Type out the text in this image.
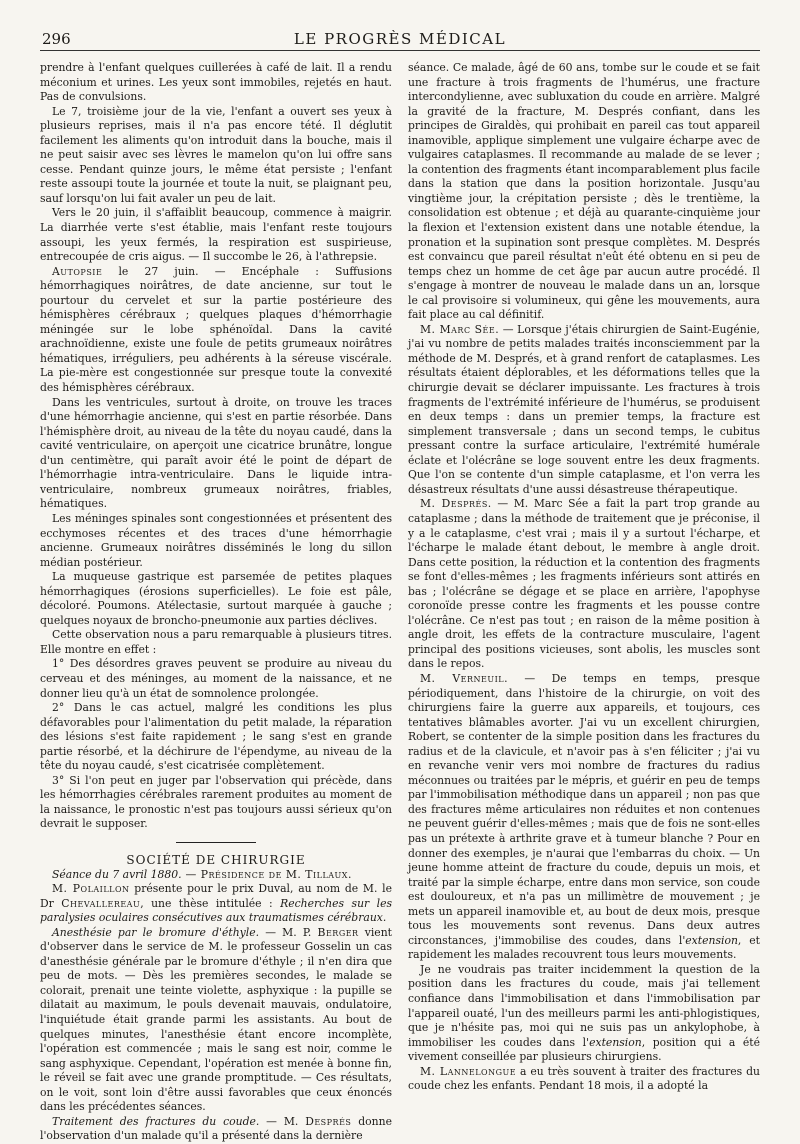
296	LE PROGRÈS MÉDICAL

prendre à l'enfant quelques cuillerées à café de lait. Il a rendu méconium et urines. Les yeux sont immobiles, rejetés en haut. Pas de convulsions.

Le 7, troisième jour de la vie, l'enfant a ouvert ses yeux à plusieurs reprises, mais il n'a pas encore tété. Il déglutit facilement les aliments qu'on introduit dans la bouche, mais il ne peut saisir avec ses lèvres le mamelon qu'on lui offre sans cesse. Pendant quinze jours, le même état persiste ; l'enfant reste assoupi toute la journée et toute la nuit, se plaignant peu, sauf lorsqu'on lui fait avaler un peu de lait.

Vers le 20 juin, il s'affaiblit beaucoup, commence à maigrir. La diarrhée verte s'est établie, mais l'enfant reste toujours assoupi, les yeux fermés, la respiration est suspirieuse, entrecoupée de cris aigus. — Il succombe le 26, à l'athrepsie.

Autopsie le 27 juin. — Encéphale : Suffusions hémorrhagiques noirâtres, de date ancienne, sur tout le pourtour du cervelet et sur la partie postérieure des hémisphères cérébraux ; quelques plaques d'hémorrhagie méningée sur le lobe sphénoïdal. Dans la cavité arachnoïdienne, existe une foule de petits grumeaux noirâtres hématiques, irréguliers, peu adhérents à la séreuse viscérale. La pie-mère est congestionnée sur presque toute la convexité des hémisphères cérébraux.

Dans les ventricules, surtout à droite, on trouve les traces d'une hémorrhagie ancienne, qui s'est en partie résorbée. Dans l'hémisphère droit, au niveau de la tête du noyau caudé, dans la cavité ventriculaire, on aperçoit une cicatrice brunâtre, longue d'un centimètre, qui paraît avoir été le point de départ de l'hémorrhagie intra-ventriculaire. Dans le liquide intra-ventriculaire, nombreux grumeaux noirâtres, friables, hématiques.

Les méninges spinales sont congestionnées et présentent des ecchymoses récentes et des traces d'une hémorrhagie ancienne. Grumeaux noirâtres disséminés le long du sillon médian postérieur.

La muqueuse gastrique est parsemée de petites plaques hémorrhagiques (érosions superficielles). Le foie est pâle, décoloré. Poumons. Atélectasie, surtout marquée à gauche ; quelques noyaux de broncho-pneumonie aux parties déclives.

Cette observation nous a paru remarquable à plusieurs titres. Elle montre en effet :

1° Des désordres graves peuvent se produire au niveau du cerveau et des méninges, au moment de la naissance, et ne donner lieu qu'à un état de somnolence prolongée.

2° Dans le cas actuel, malgré les conditions les plus défavorables pour l'alimentation du petit malade, la réparation des lésions s'est faite rapidement ; le sang s'est en grande partie résorbé, et la déchirure de l'épendyme, au niveau de la tête du noyau caudé, s'est cicatrisée complètement.

3° Si l'on peut en juger par l'observation qui précède, dans les hémorrhagies cérébrales rarement produites au moment de la naissance, le pronostic n'est pas toujours aussi sérieux qu'on devrait le supposer.

SOCIÉTÉ DE CHIRURGIE

Séance du 7 avril 1880. — Présidence de M. Tillaux.

M. Polaillon présente pour le prix Duval, au nom de M. le Dr Chevallereau, une thèse intitulée : Recherches sur les paralysies oculaires consécutives aux traumatismes cérébraux.

Anesthésie par le bromure d'éthyle. — M. P. Berger vient d'observer dans le service de M. le professeur Gosselin un cas d'anesthésie générale par le bromure d'éthyle ; il n'en dira que peu de mots. — Dès les premières secondes, le malade se colorait, prenait une teinte violette, asphyxique : la pupille se dilatait au maximum, le pouls devenait mauvais, ondulatoire, l'inquiétude était grande parmi les assistants. Au bout de quelques minutes, l'anesthésie étant encore incomplète, l'opération est commencée ; mais le sang est noir, comme le sang asphyxique. Cependant, l'opération est menée à bonne fin, le réveil se fait avec une grande promptitude. — Ces résultats, on le voit, sont loin d'être aussi favorables que ceux énoncés dans les précédentes séances.

Traitement des fractures du coude. — M. Després donne l'observation d'un malade qu'il a présenté dans la dernière

séance. Ce malade, âgé de 60 ans, tombe sur le coude et se fait une fracture à trois fragments de l'humérus, une fracture intercondylienne, avec subluxation du coude en arrière. Malgré la gravité de la fracture, M. Després confiant, dans les principes de Giraldès, qui prohibait en pareil cas tout appareil inamovible, applique simplement une vulgaire écharpe avec de vulgaires cataplasmes. Il recommande au malade de se lever ; la contention des fragments étant incomparablement plus facile dans la station que dans la position horizontale. Jusqu'au vingtième jour, la crépitation persiste ; dès le trentième, la consolidation est obtenue ; et déjà au quarante-cinquième jour la flexion et l'extension existent dans une notable étendue, la pronation et la supination sont presque complètes. M. Després est convaincu que pareil résultat n'eût été obtenu en si peu de temps chez un homme de cet âge par aucun autre procédé. Il s'engage à montrer de nouveau le malade dans un an, lorsque le cal provisoire si volumineux, qui gêne les mouvements, aura fait place au cal définitif.

M. Marc Sée. — Lorsque j'étais chirurgien de Saint-Eugénie, j'ai vu nombre de petits malades traités inconsciemment par la méthode de M. Després, et à grand renfort de cataplasmes. Les résultats étaient déplorables, et les déformations telles que la chirurgie devait se déclarer impuissante. Les fractures à trois fragments de l'extrémité inférieure de l'humérus, se produisent en deux temps : dans un premier temps, la fracture est simplement transversale ; dans un second temps, le cubitus pressant contre la surface articulaire, l'extrémité humérale éclate et l'olécrâne se loge souvent entre les deux fragments. Que l'on se contente d'un simple cataplasme, et l'on verra les désastreux résultats d'une aussi désastreuse thérapeutique.

M. Després. — M. Marc Sée a fait la part trop grande au cataplasme ; dans la méthode de traitement que je préconise, il y a le cataplasme, c'est vrai ; mais il y a surtout l'écharpe, et l'écharpe le malade étant debout, le membre à angle droit. Dans cette position, la réduction et la contention des fragments se font d'elles-mêmes ; les fragments inférieurs sont attirés en bas ; l'olécrâne se dégage et se place en arrière, l'apophyse coronoïde presse contre les fragments et les pousse contre l'olécrâne. Ce n'est pas tout ; en raison de la même position à angle droit, les effets de la contracture musculaire, l'agent principal des positions vicieuses, sont abolis, les muscles sont dans le repos.

M. Verneuil. — De temps en temps, presque périodiquement, dans l'histoire de la chirurgie, on voit des chirurgiens faire la guerre aux appareils, et toujours, ces tentatives blâmables avorter. J'ai vu un excellent chirurgien, Robert, se contenter de la simple position dans les fractures du radius et de la clavicule, et n'avoir pas à s'en féliciter ; j'ai vu en revanche venir vers moi nombre de fractures du radius méconnues ou traitées par le mépris, et guérir en peu de temps par l'immobilisation méthodique dans un appareil ; non pas que des fractures même articulaires non réduites et non contenues ne peuvent guérir d'elles-mêmes ; mais que de fois ne sont-elles pas un prétexte à arthrite grave et à tumeur blanche ? Pour en donner des exemples, je n'aurai que l'embarras du choix. — Un jeune homme atteint de fracture du coude, depuis un mois, et traité par la simple écharpe, entre dans mon service, son coude est douloureux, et n'a pas un millimètre de mouvement ; je mets un appareil inamovible et, au bout de deux mois, presque tous les mouvements sont revenus. Dans deux autres circonstances, j'immobilise des coudes, dans l'extension, et rapidement les malades recouvrent tous leurs mouvements.

Je ne voudrais pas traiter incidemment la question de la position dans les fractures du coude, mais j'ai tellement confiance dans l'immobilisation et dans l'immobilisation par l'appareil ouaté, l'un des meilleurs parmi les anti-phlogistiques, que je n'hésite pas, moi qui ne suis pas un ankylophobe, à immobiliser les coudes dans l'extension, position qui a été vivement conseillée par plusieurs chirurgiens.

M. Lannelongue a eu très souvent à traiter des fractures du coude chez les enfants. Pendant 18 mois, il a adopté la
